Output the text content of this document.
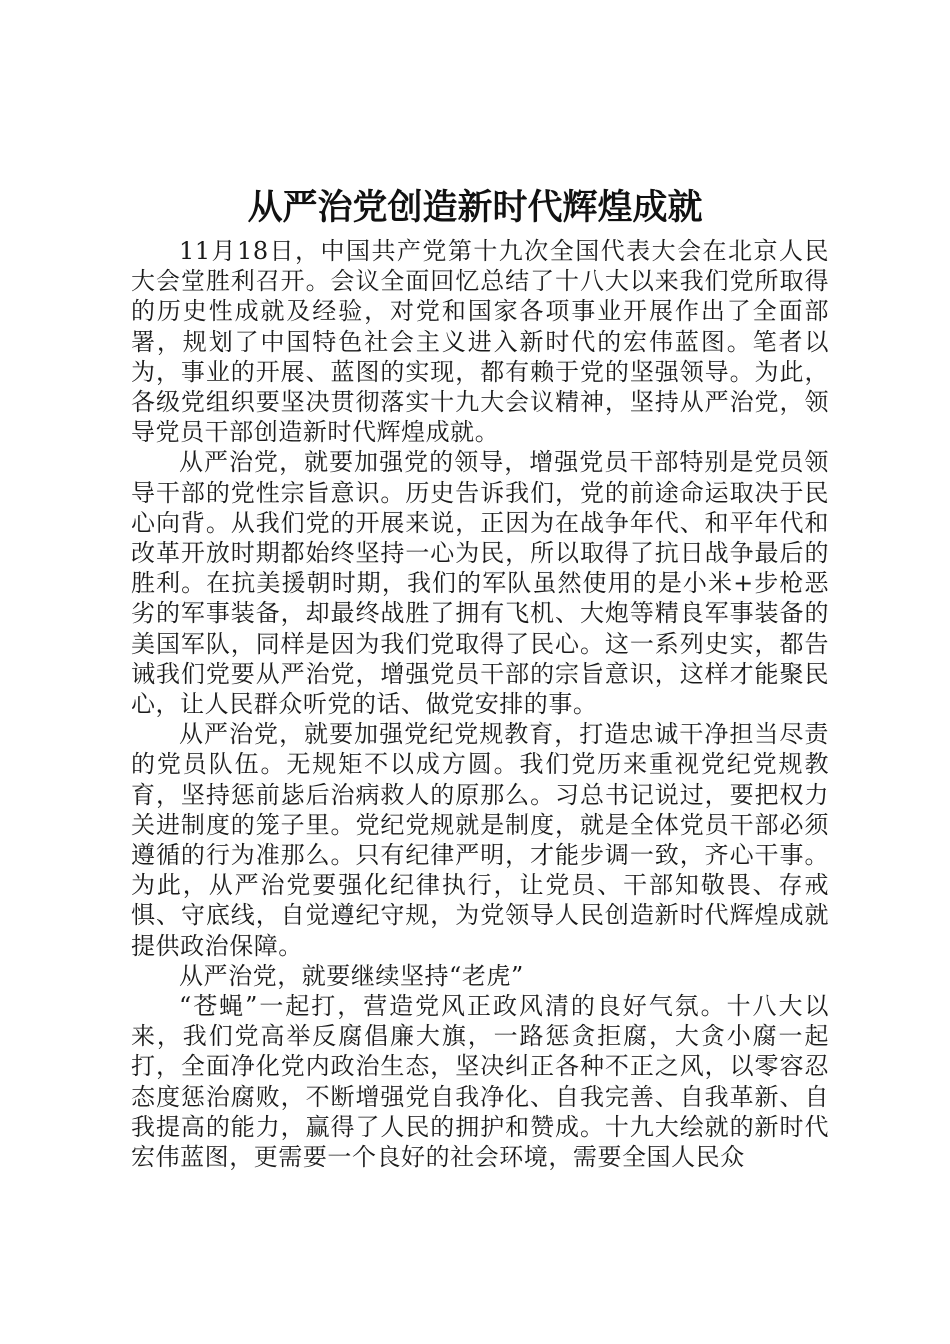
从严治党创造新时代辉煌成就

11月18日，中国共产党第十九次全国代表大会在北京人民大会堂胜利召开。会议全面回忆总结了十八大以来我们党所取得的历史性成就及经验，对党和国家各项事业开展作出了全面部署，规划了中国特色社会主义进入新时代的宏伟蓝图。笔者以为，事业的开展、蓝图的实现，都有赖于党的坚强领导。为此，各级党组织要坚决贯彻落实十九大会议精神，坚持从严治党，领导党员干部创造新时代辉煌成就。

从严治党，就要加强党的领导，增强党员干部特别是党员领导干部的党性宗旨意识。历史告诉我们，党的前途命运取决于民心向背。从我们党的开展来说，正因为在战争年代、和平年代和改革开放时期都始终坚持一心为民，所以取得了抗日战争最后的胜利。在抗美援朝时期，我们的军队虽然使用的是小米+步枪恶劣的军事装备，却最终战胜了拥有飞机、大炮等精良军事装备的美国军队，同样是因为我们党取得了民心。这一系列史实，都告诫我们党要从严治党，增强党员干部的宗旨意识，这样才能聚民心，让人民群众听党的话、做党安排的事。

从严治党，就要加强党纪党规教育，打造忠诚干净担当尽责的党员队伍。无规矩不以成方圆。我们党历来重视党纪党规教育，坚持惩前毖后治病救人的原那么。习总书记说过，要把权力关进制度的笼子里。党纪党规就是制度，就是全体党员干部必须遵循的行为准那么。只有纪律严明，才能步调一致，齐心干事。为此，从严治党要强化纪律执行，让党员、干部知敬畏、存戒惧、守底线，自觉遵纪守规，为党领导人民创造新时代辉煌成就提供政治保障。

从严治党，就要继续坚持“老虎”

“苍蝇”一起打，营造党风正政风清的良好气氛。十八大以来，我们党高举反腐倡廉大旗，一路惩贪拒腐，大贪小腐一起打，全面净化党内政治生态，坚决纠正各种不正之风，以零容忍态度惩治腐败，不断增强党自我净化、自我完善、自我革新、自我提高的能力，赢得了人民的拥护和赞成。十九大绘就的新时代宏伟蓝图，更需要一个良好的社会环境，需要全国人民众
